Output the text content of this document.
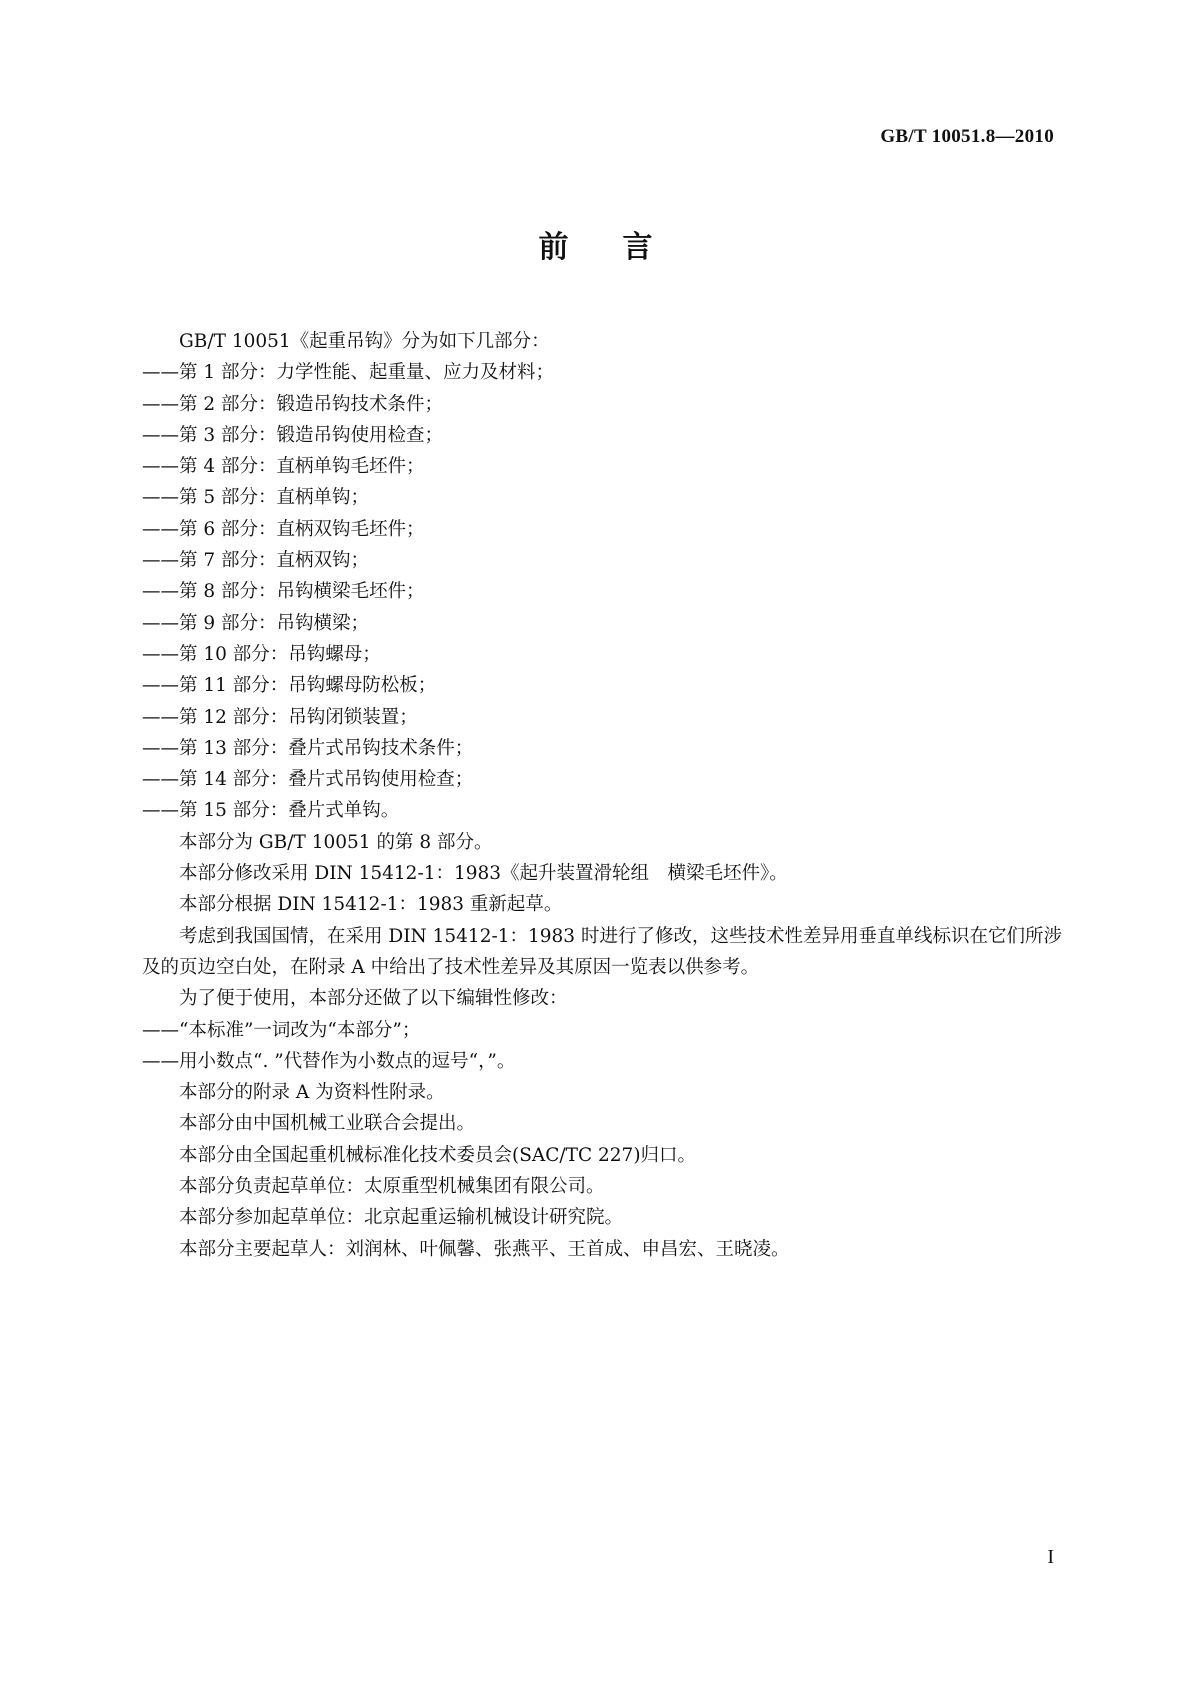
GB/T 10051.8—2010
前言

GB/T 10051《起重吊钩》分为如下几部分：

——第 1 部分：力学性能、起重量、应力及材料；

——第 2 部分：锻造吊钩技术条件；

——第 3 部分：锻造吊钩使用检查；

——第 4 部分：直柄单钩毛坯件；

——第 5 部分：直柄单钩；

——第 6 部分：直柄双钩毛坯件；

——第 7 部分：直柄双钩；

——第 8 部分：吊钩横梁毛坯件；

——第 9 部分：吊钩横梁；

——第 10 部分：吊钩螺母；

——第 11 部分：吊钩螺母防松板；

——第 12 部分：吊钩闭锁装置；

——第 13 部分：叠片式吊钩技术条件；

——第 14 部分：叠片式吊钩使用检查；

——第 15 部分：叠片式单钩。

本部分为 GB/T 10051 的第 8 部分。

本部分修改采用 DIN 15412-1：1983《起升装置滑轮组　横梁毛坯件》。

本部分根据 DIN 15412-1：1983 重新起草。

考虑到我国国情，在采用 DIN 15412-1：1983 时进行了修改，这些技术性差异用垂直单线标识在它们所涉及的页边空白处，在附录 A 中给出了技术性差异及其原因一览表以供参考。

为了便于使用，本部分还做了以下编辑性修改：

——“本标准”一词改为“本部分”；

——用小数点“. ”代替作为小数点的逗号“，”。

本部分的附录 A 为资料性附录。

本部分由中国机械工业联合会提出。

本部分由全国起重机械标准化技术委员会(SAC/TC 227)归口。

本部分负责起草单位：太原重型机械集团有限公司。

本部分参加起草单位：北京起重运输机械设计研究院。

本部分主要起草人：刘润林、叶佩馨、张燕平、王首成、申昌宏、王晓凌。

I
